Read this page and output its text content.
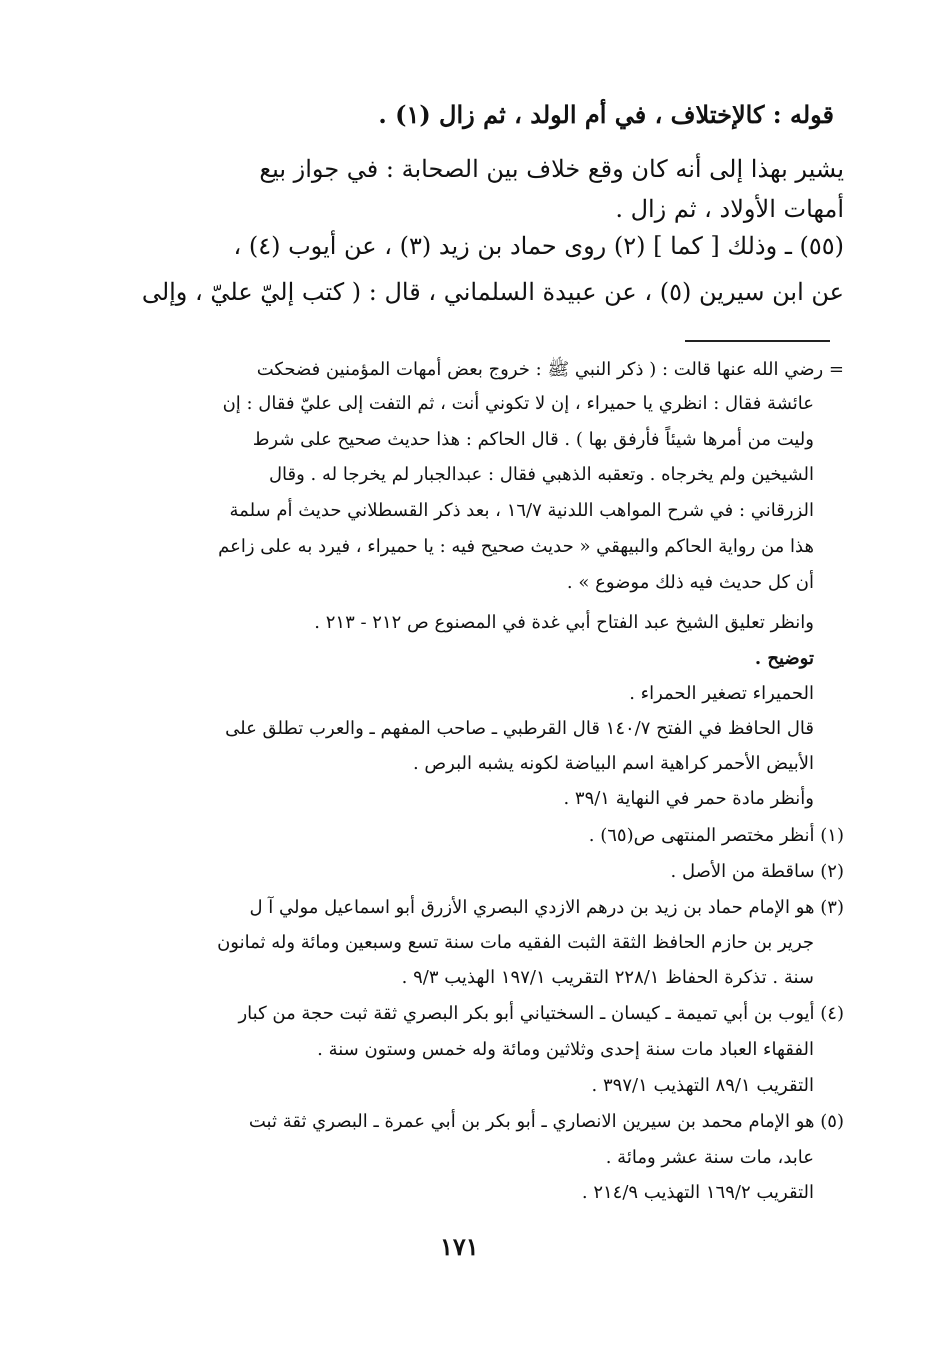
قوله : كالإختلاف ، في أم الولد ، ثم زال (١) .
يشير بهذا إلى أنه كان وقع خلاف بين الصحابة : في جواز بيع
أمهات الأولاد ، ثم زال .
(٥٥) ـ وذلك [ كما ] (٢) روى حماد بن زيد (٣) ، عن أيوب (٤) ،
عن ابن سيرين (٥) ، عن عبيدة السلماني ، قال : ( كتب إليّ عليّ ، وإلى
= رضي الله عنها قالت : ( ذكر النبي ﷺ : خروج بعض أمهات المؤمنين فضحكت
عائشة فقال : انظري يا حميراء ، إن لا تكوني أنت ، ثم التفت إلى عليّ فقال : إن
وليت من أمرها شيئاً فأرفق بها ) . قال الحاكم : هذا حديث صحيح على شرط
الشيخين ولم يخرجاه . وتعقبه الذهبي فقال : عبدالجبار لم يخرجا له . وقال
الزرقاني : في شرح المواهب اللدنية ١٦/٧ ، بعد ذكر القسطلاني حديث أم سلمة
هذا من رواية الحاكم والبيهقي « حديث صحيح فيه : يا حميراء ، فيرد به على زاعم
أن كل حديث فيه ذلك موضوع » .
وانظر تعليق الشيخ عبد الفتاح أبي غدة في المصنوع ص ٢١٢ - ٢١٣ .
توضيح .
الحميراء تصغير الحمراء .
قال الحافظ في الفتح ١٤٠/٧ قال القرطبي ـ صاحب المفهم ـ والعرب تطلق على
الأبيض الأحمر كراهية اسم البياضة لكونه يشبه البرص .
وأنظر مادة حمر في النهاية ٣٩/١ .
(١) أنظر مختصر المنتهى ص(٦٥) .
(٢) ساقطة من الأصل .
(٣) هو الإمام حماد بن زيد بن درهم الازدي البصري الأزرق أبو اسماعيل مولي آ ل
جرير بن حازم الحافظ الثقة الثبت الفقيه مات سنة تسع وسبعين ومائة وله ثمانون
سنة . تذكرة الحفاظ ٢٢٨/١ التقريب ١٩٧/١ الهذيب ٩/٣ .
(٤) أيوب بن أبي تميمة ـ كيسان ـ السختياني أبو بكر البصري ثقة ثبت حجة من كبار
الفقهاء العباد مات سنة إحدى وثلاثين ومائة وله خمس وستون سنة .
التقريب ٨٩/١ التهذيب ٣٩٧/١ .
(٥) هو الإمام محمد بن سيرين الانصاري ـ أبو بكر بن أبي عمرة ـ البصري ثقة ثبت
عابد، مات سنة عشر ومائة .
التقريب ١٦٩/٢ التهذيب ٢١٤/٩ .
١٧١
